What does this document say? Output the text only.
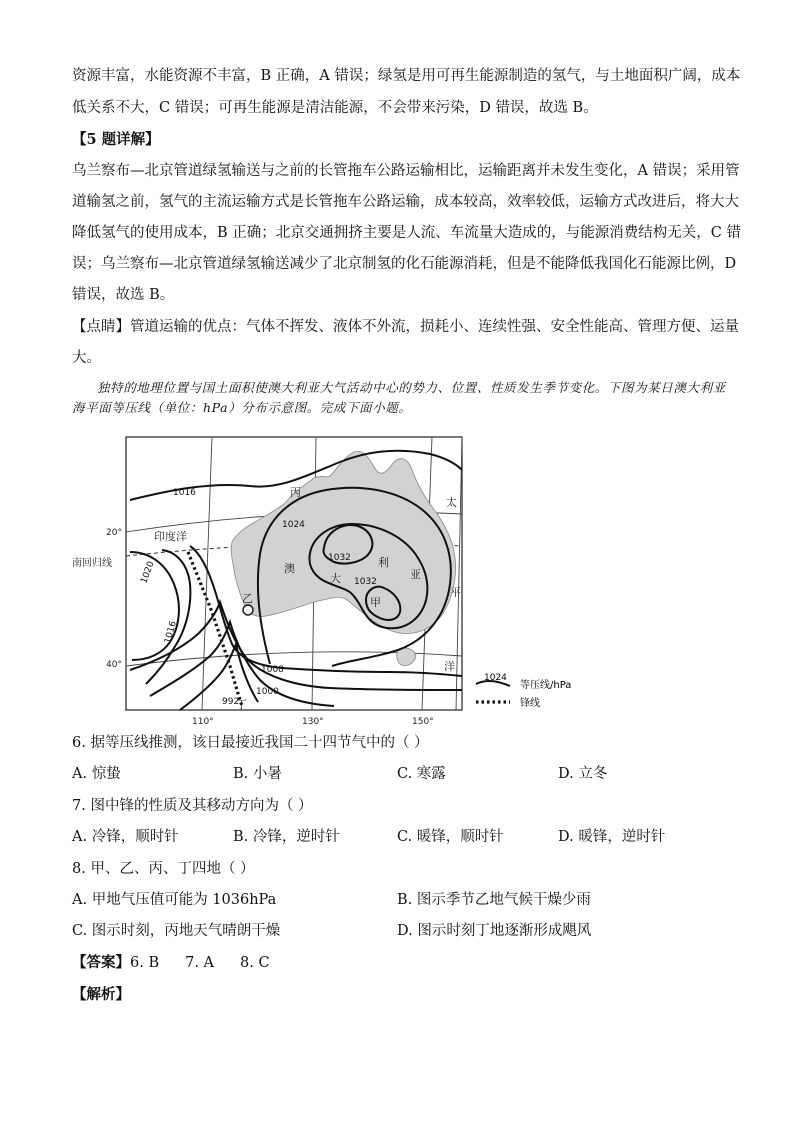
资源丰富，水能资源不丰富，B 正确，A 错误；绿氢是用可再生能源制造的氢气，与土地面积广阔，成本
低关系不大，C 错误；可再生能源是清洁能源，不会带来污染，D 错误，故选 B。
【5 题详解】
乌兰察布—北京管道绿氢输送与之前的长管拖车公路运输相比，运输距离并未发生变化，A 错误；采用管
道输氢之前，氢气的主流运输方式是长管拖车公路运输，成本较高，效率较低，运输方式改进后，将大大
降低氢气的使用成本，B 正确；北京交通拥挤主要是人流、车流量大造成的，与能源消费结构无关，C 错
误；乌兰察布—北京管道绿氢输送减少了北京制氢的化石能源消耗，但是不能降低我国化石能源比例，D
错误，故选 B。
【点睛】管道运输的优点：气体不挥发、液体不外流，损耗小、连续性强、安全性能高、管理方便、运量
大。
独特的地理位置与国土面积使澳大利亚大气活动中心的势力、位置、性质发生季节变化。下图为某日澳大利亚海平面等压线（单位：hPa）分布示意图。完成下面小题。
1016
1024
1032
1032
1020
1016
1008
1000
992
丙
太
印度洋
澳
大
利
亚
平
乙	甲
丁
洋
20°
40°
南回归线
110°	130°	150°
1024
等压线/hPa
锋线
6. 据等压线推测，该日最接近我国二十四节气中的（ ）
A. 惊蛰	B. 小暑	C. 寒露	D. 立冬
7. 图中锋的性质及其移动方向为（ ）
A. 冷锋，顺时针	B. 冷锋，逆时针	C. 暖锋，顺时针	D. 暖锋，逆时针
8. 甲、乙、丙、丁四地（ ）
A. 甲地气压值可能为 1036hPa	B. 图示季节乙地气候干燥少雨
C. 图示时刻，丙地天气晴朗干燥	D. 图示时刻丁地逐渐形成飓风
【答案】6. B 7. A 8. C
【解析】
